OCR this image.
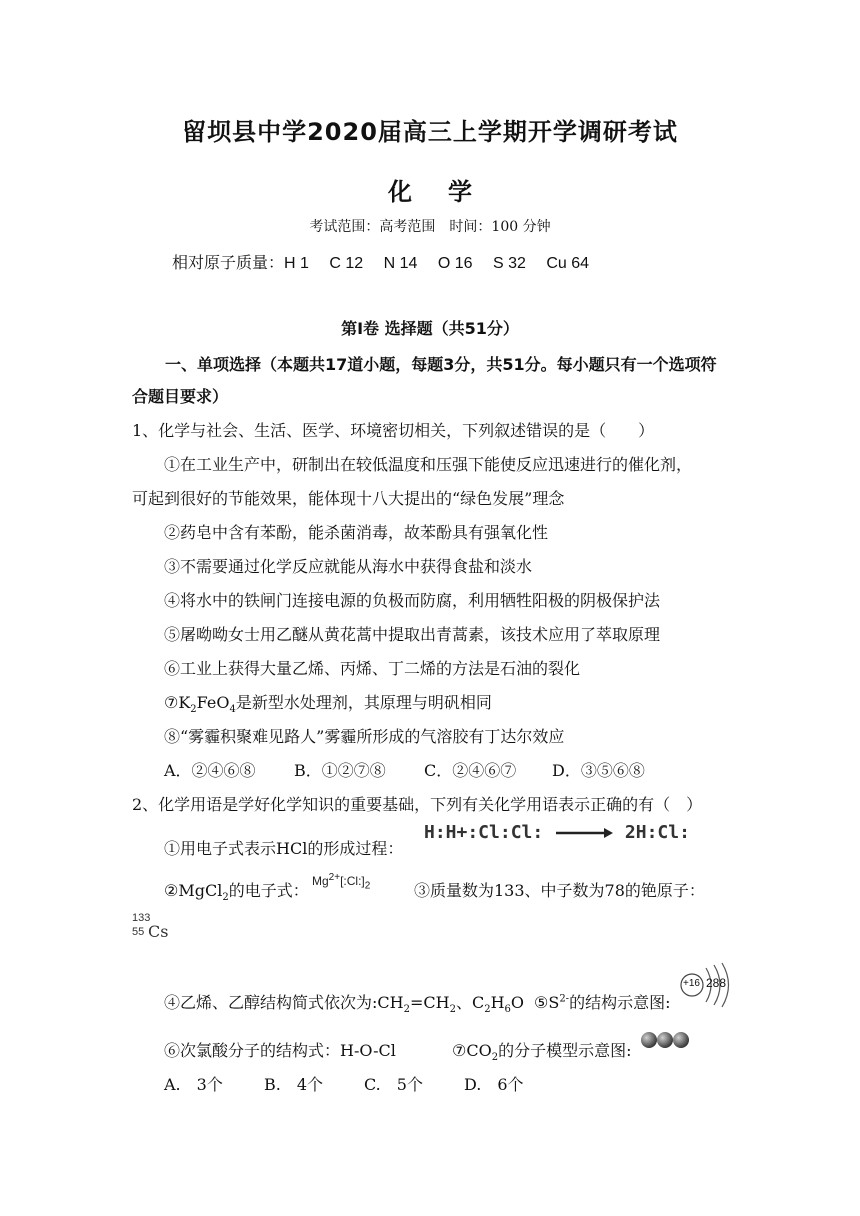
留坝县中学2020届高三上学期开学调研考试
化学
考试范围：高考范围　时间：100 分钟
相对原子质量：H 1　 C 12　 N 14　 O 16　 S 32　 Cu 64
第Ⅰ卷 选择题（共51分）
一、单项选择（本题共17道小题，每题3分，共51分。每小题只有一个选项符
合题目要求）
1、化学与社会、生活、医学、环境密切相关，下列叙述错误的是（　　）
①在工业生产中，研制出在较低温度和压强下能使反应迅速进行的催化剂，
可起到很好的节能效果，能体现十八大提出的“绿色发展”理念
②药皂中含有苯酚，能杀菌消毒，故苯酚具有强氧化性
③不需要通过化学反应就能从海水中获得食盐和淡水
④将水中的铁闸门连接电源的负极而防腐，利用牺牲阳极的阴极保护法
⑤屠呦呦女士用乙醚从黄花蒿中提取出青蒿素，该技术应用了萃取原理
⑥工业上获得大量乙烯、丙烯、丁二烯的方法是石油的裂化
$⑦K_2FeO_4$是新型水处理剂，其原理与明矾相同
⑧“雾霾积聚难见路人”雾霾所形成的气溶胶有丁达尔效应
A．②④⑥⑧ B．①②⑦⑧ C．②④⑥⑦ D．③⑤⑥⑧
2、化学用语是学好化学知识的重要基础，下列有关化学用语表示正确的有（　）
①用电子式表示HCl的形成过程：
H:H+:Cl:Cl:	2H:Cl:
②MgCl$_2$的电子式： $Mg^{2+}[:Cl:]_2$	③质量数为133、中子数为78的铯原子：
133
55 Cs
④乙烯、乙醇结构简式依次为$:CH_2=CH_2$、$C_2H_6O$ $⑤S^{2-}$的结构示意图:
+16 288
⑥次氯酸分子的结构式：H-O-Cl	$⑦CO_2$的分子模型示意图:
A.　3个	B.　4个	C.　5个	D.　6个
